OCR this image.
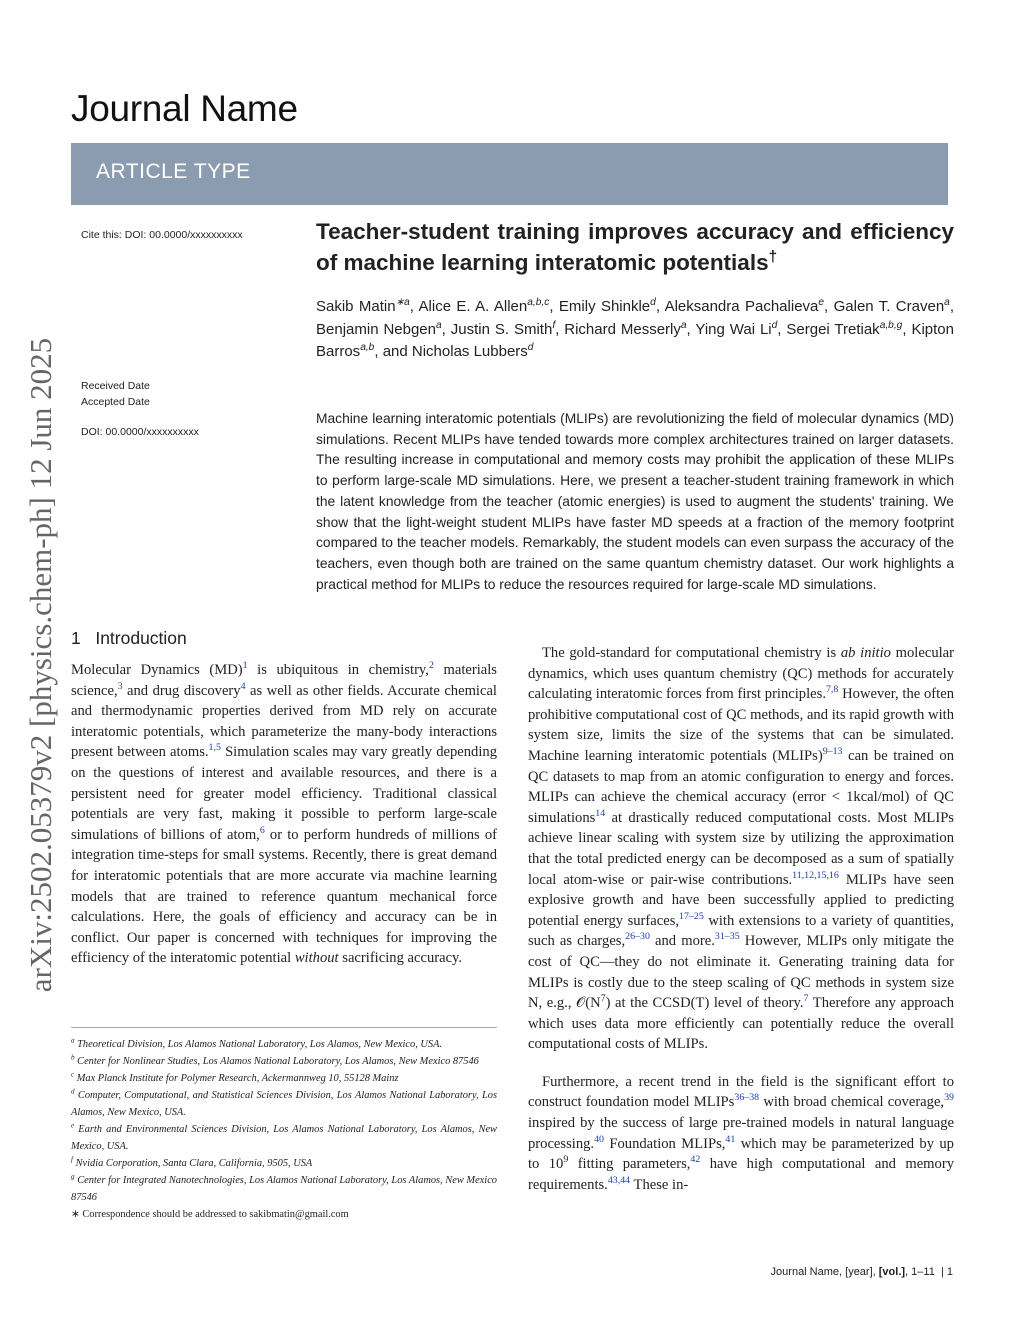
Journal Name
ARTICLE TYPE
Cite this: DOI: 00.0000/xxxxxxxxxx	Teacher-student training improves accuracy and efficiency of machine learning interatomic potentials†
Sakib Matin$^{∗a}$, Alice E. A. Allen$^{a,b,c}$, Emily Shinkle$^d$, Aleksandra Pachalieva$^e$, Galen T. Craven$^a$, Benjamin Nebgen$^a$, Justin S. Smith$^f$, Richard Messerly$^a$, Ying Wai Li$^d$, Sergei Tretiak$^{a,b,g}$, Kipton Barros$^{a,b}$, and Nicholas Lubbers$^d$
Received Date
Accepted Date
DOI: 00.0000/xxxxxxxxxx
arXiv:2502.05379v2 [physics.chem-ph] 12 Jun 2025	Machine learning interatomic potentials (MLIPs) are revolutionizing the field of molecular dynamics (MD) simulations. Recent MLIPs have tended towards more complex architectures trained on larger datasets. The resulting increase in computational and memory costs may prohibit the application of these MLIPs to perform large-scale MD simulations. Here, we present a teacher-student training framework in which the latent knowledge from the teacher (atomic energies) is used to augment the students' training. We show that the light-weight student MLIPs have faster MD speeds at a fraction of the memory footprint compared to the teacher models. Remarkably, the student models can even surpass the accuracy of the teachers, even though both are trained on the same quantum chemistry dataset. Our work highlights a practical method for MLIPs to reduce the resources required for large-scale MD simulations.
1 Introduction

Molecular Dynamics (MD)$^1$ is ubiquitous in chemistry,$^2$ materials science,$^3$ and drug discovery$^4$ as well as other fields. Accurate chemical and thermodynamic properties derived from MD rely on accurate interatomic potentials, which parameterize the many-body interactions present between atoms.$^{1,5}$ Simulation scales may vary greatly depending on the questions of interest and available resources, and there is a persistent need for greater model efficiency. Traditional classical potentials are very fast, making it possible to perform large-scale simulations of billions of atom,$^6$ or to perform hundreds of millions of integration time-steps for small systems. Recently, there is great demand for interatomic potentials that are more accurate via machine learning models that are trained to reference quantum mechanical force calculations. Here, the goals of efficiency and accuracy can be in conflict. Our paper is concerned with techniques for improving the efficiency of the interatomic potential without sacrificing accuracy.

$^a$ Theoretical Division, Los Alamos National Laboratory, Los Alamos, New Mexico, USA.
$^b$ Center for Nonlinear Studies, Los Alamos National Laboratory, Los Alamos, New Mexico 87546
$^c$ Max Planck Institute for Polymer Research, Ackermannweg 10, 55128 Mainz
$^d$ Computer, Computational, and Statistical Sciences Division, Los Alamos National Laboratory, Los Alamos, New Mexico, USA.
$^e$ Earth and Environmental Sciences Division, Los Alamos National Laboratory, Los Alamos, New Mexico, USA.
$^f$ Nvidia Corporation, Santa Clara, California, 9505, USA
$^g$ Center for Integrated Nanotechnologies, Los Alamos National Laboratory, Los Alamos, New Mexico 87546
∗ Correspondence should be addressed to sakibmatin@gmail.com

The gold-standard for computational chemistry is ab initio molecular dynamics, which uses quantum chemistry (QC) methods for accurately calculating interatomic forces from first principles.$^{7,8}$ However, the often prohibitive computational cost of QC methods, and its rapid growth with system size, limits the size of the systems that can be simulated. Machine learning interatomic potentials (MLIPs)$^{9-13}$ can be trained on QC datasets to map from an atomic configuration to energy and forces. MLIPs can achieve the chemical accuracy (error < 1kcal/mol) of QC simulations$^{14}$ at drastically reduced computational costs. Most MLIPs achieve linear scaling with system size by utilizing the approximation that the total predicted energy can be decomposed as a sum of spatially local atom-wise or pair-wise contributions.$^{11,12,15,16}$ MLIPs have seen explosive growth and have been successfully applied to predicting potential energy surfaces,$^{17-25}$ with extensions to a variety of quantities, such as charges,$^{26-30}$ and more.$^{31-35}$ However, MLIPs only mitigate the cost of QC—they do not eliminate it. Generating training data for MLIPs is costly due to the steep scaling of QC methods in system size N, e.g., $𝒪(N^7)$ at the CCSD(T) level of theory.$^7$ Therefore any approach which uses data more efficiently can potentially reduce the overall computational costs of MLIPs.

Furthermore, a recent trend in the field is the significant effort to construct foundation model MLIPs$^{36-38}$ with broad chemical coverage,$^{39}$ inspired by the success of large pre-trained models in natural language processing.$^{40}$ Foundation MLIPs,$^{41}$ which may be parameterized by up to $10^9$ fitting parameters,$^{42}$ have high computational and memory requirements.$^{43,44}$ These in-

Journal Name, [year], [vol.], 1–11 | 1
